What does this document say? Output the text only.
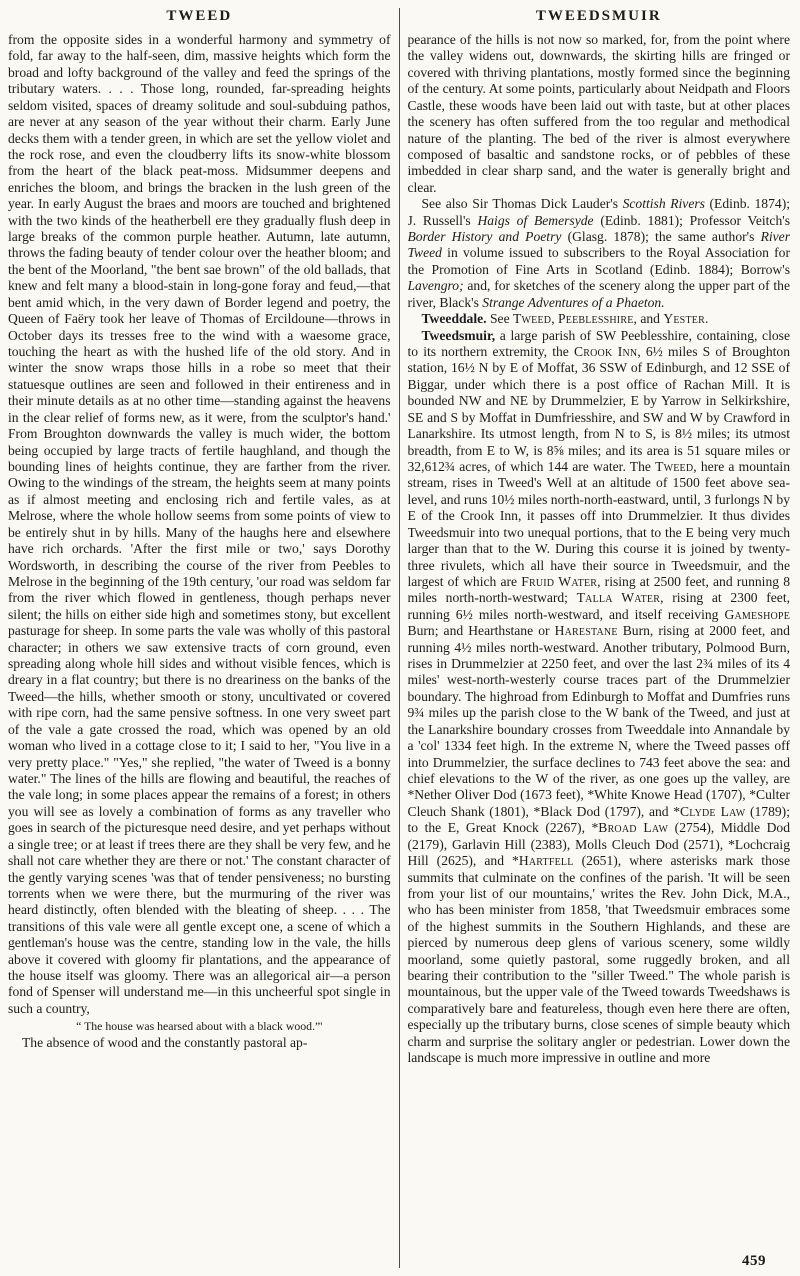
TWEED
from the opposite sides in a wonderful harmony and symmetry of fold, far away to the half-seen, dim, massive heights which form the broad and lofty background of the valley and feed the springs of the tributary waters. . . . Those long, rounded, far-spreading heights seldom visited, spaces of dreamy solitude and soul-subduing pathos, are never at any season of the year without their charm. Early June decks them with a tender green, in which are set the yellow violet and the rock rose, and even the cloudberry lifts its snow-white blossom from the heart of the black peat-moss. Midsummer deepens and enriches the bloom, and brings the bracken in the lush green of the year. In early August the braes and moors are touched and brightened with the two kinds of the heatherbell ere they gradually flush deep in large breaks of the common purple heather. Autumn, late autumn, throws the fading beauty of tender colour over the heather bloom; and the bent of the Moorland, "the bent sae brown" of the old ballads, that knew and felt many a blood-stain in long-gone foray and feud,—that bent amid which, in the very dawn of Border legend and poetry, the Queen of Faëry took her leave of Thomas of Ercildoune—throws in October days its tresses free to the wind with a waesome grace, touching the heart as with the hushed life of the old story. And in winter the snow wraps those hills in a robe so meet that their statuesque outlines are seen and followed in their entireness and in their minute details as at no other time—standing against the heavens in the clear relief of forms new, as it were, from the sculptor's hand.' From Broughton downwards the valley is much wider, the bottom being occupied by large tracts of fertile haughland, and though the bounding lines of heights continue, they are farther from the river. Owing to the windings of the stream, the heights seem at many points as if almost meeting and enclosing rich and fertile vales, as at Melrose, where the whole hollow seems from some points of view to be entirely shut in by hills. Many of the haughs here and elsewhere have rich orchards. 'After the first mile or two,' says Dorothy Wordsworth, in describing the course of the river from Peebles to Melrose in the beginning of the 19th century, 'our road was seldom far from the river which flowed in gentleness, though perhaps never silent; the hills on either side high and sometimes stony, but excellent pasturage for sheep. In some parts the vale was wholly of this pastoral character; in others we saw extensive tracts of corn ground, even spreading along whole hill sides and without visible fences, which is dreary in a flat country; but there is no dreariness on the banks of the Tweed—the hills, whether smooth or stony, uncultivated or covered with ripe corn, had the same pensive softness. In one very sweet part of the vale a gate crossed the road, which was opened by an old woman who lived in a cottage close to it; I said to her, "You live in a very pretty place." "Yes," she replied, "the water of Tweed is a bonny water." The lines of the hills are flowing and beautiful, the reaches of the vale long; in some places appear the remains of a forest; in others you will see as lovely a combination of forms as any traveller who goes in search of the picturesque need desire, and yet perhaps without a single tree; or at least if trees there are they shall be very few, and he shall not care whether they are there or not.' The constant character of the gently varying scenes 'was that of tender pensiveness; no bursting torrents when we were there, but the murmuring of the river was heard distinctly, often blended with the bleating of sheep. . . . The transitions of this vale were all gentle except one, a scene of which a gentleman's house was the centre, standing low in the vale, the hills above it covered with gloomy fir plantations, and the appearance of the house itself was gloomy. There was an allegorical air—a person fond of Spenser will understand me—in this uncheerful spot single in such a country,
“ The house was hearsed about with a black wood.”'
The absence of wood and the constantly pastoral ap-
TWEEDSMUIR
pearance of the hills is not now so marked, for, from the point where the valley widens out, downwards, the skirting hills are fringed or covered with thriving plantations, mostly formed since the beginning of the century. At some points, particularly about Neidpath and Floors Castle, these woods have been laid out with taste, but at other places the scenery has often suffered from the too regular and methodical nature of the planting. The bed of the river is almost everywhere composed of basaltic and sandstone rocks, or of pebbles of these imbedded in clear sharp sand, and the water is generally bright and clear.
See also Sir Thomas Dick Lauder's Scottish Rivers (Edinb. 1874); J. Russell's Haigs of Bemersyde (Edinb. 1881); Professor Veitch's Border History and Poetry (Glasg. 1878); the same author's River Tweed in volume issued to subscribers to the Royal Association for the Promotion of Fine Arts in Scotland (Edinb. 1884); Borrow's Lavengro; and, for sketches of the scenery along the upper part of the river, Black's Strange Adventures of a Phaeton.
Tweeddale. See Tweed, Peeblesshire, and Yester.
Tweedsmuir, a large parish of SW Peeblesshire, containing, close to its northern extremity, the Crook Inn, 6½ miles S of Broughton station, 16½ N by E of Moffat, 36 SSW of Edinburgh, and 12 SSE of Biggar, under which there is a post office of Rachan Mill. It is bounded NW and NE by Drummelzier, E by Yarrow in Selkirkshire, SE and S by Moffat in Dumfriesshire, and SW and W by Crawford in Lanarkshire. Its utmost length, from N to S, is 8½ miles; its utmost breadth, from E to W, is 8⅝ miles; and its area is 51 square miles or 32,612¾ acres, of which 144 are water. The Tweed, here a mountain stream, rises in Tweed's Well at an altitude of 1500 feet above sea-level, and runs 10½ miles north-north-eastward, until, 3 furlongs N by E of the Crook Inn, it passes off into Drummelzier. It thus divides Tweedsmuir into two unequal portions, that to the E being very much larger than that to the W. During this course it is joined by twenty-three rivulets, which all have their source in Tweedsmuir, and the largest of which are Fruid Water, rising at 2500 feet, and running 8 miles north-north-westward; Talla Water, rising at 2300 feet, running 6½ miles north-westward, and itself receiving Gameshope Burn; and Hearthstane or Harestane Burn, rising at 2000 feet, and running 4½ miles north-westward. Another tributary, Polmood Burn, rises in Drummelzier at 2250 feet, and over the last 2¾ miles of its 4 miles' west-north-westerly course traces part of the Drummelzier boundary. The highroad from Edinburgh to Moffat and Dumfries runs 9¾ miles up the parish close to the W bank of the Tweed, and just at the Lanarkshire boundary crosses from Tweeddale into Annandale by a 'col' 1334 feet high. In the extreme N, where the Tweed passes off into Drummelzier, the surface declines to 743 feet above the sea: and chief elevations to the W of the river, as one goes up the valley, are *Nether Oliver Dod (1673 feet), *White Knowe Head (1707), *Culter Cleuch Shank (1801), *Black Dod (1797), and *Clyde Law (1789); to the E, Great Knock (2267), *Broad Law (2754), Middle Dod (2179), Garlavin Hill (2383), Molls Cleuch Dod (2571), *Lochcraig Hill (2625), and *Hartfell (2651), where asterisks mark those summits that culminate on the confines of the parish. 'It will be seen from your list of our mountains,' writes the Rev. John Dick, M.A., who has been minister from 1858, 'that Tweedsmuir embraces some of the highest summits in the Southern Highlands, and these are pierced by numerous deep glens of various scenery, some wildly moorland, some quietly pastoral, some ruggedly broken, and all bearing their contribution to the "siller Tweed." The whole parish is mountainous, but the upper vale of the Tweed towards Tweedshaws is comparatively bare and featureless, though even here there are often, especially up the tributary burns, close scenes of simple beauty which charm and surprise the solitary angler or pedestrian. Lower down the landscape is much more impressive in outline and more
459
